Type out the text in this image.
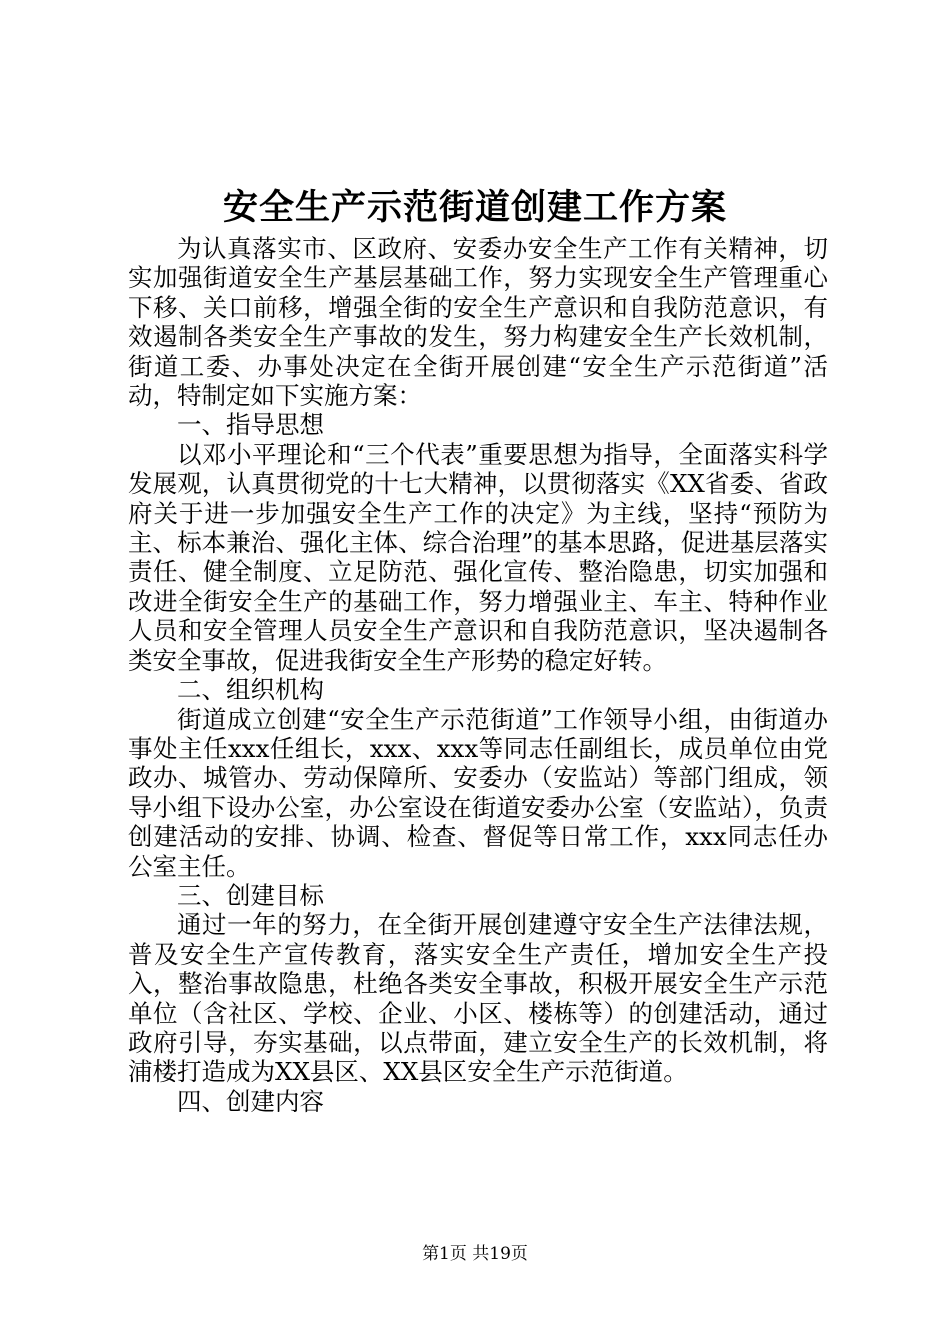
安全生产示范街道创建工作方案

为认真落实市、区政府、安委办安全生产工作有关精神，切实加强街道安全生产基层基础工作，努力实现安全生产管理重心下移、关口前移，增强全街的安全生产意识和自我防范意识，有效遏制各类安全生产事故的发生，努力构建安全生产长效机制，街道工委、办事处决定在全街开展创建“安全生产示范街道”活动，特制定如下实施方案：

一、指导思想

以邓小平理论和“三个代表”重要思想为指导，全面落实科学发展观，认真贯彻党的十七大精神，以贯彻落实《XX省委、省政府关于进一步加强安全生产工作的决定》为主线，坚持“预防为主、标本兼治、强化主体、综合治理”的基本思路，促进基层落实责任、健全制度、立足防范、强化宣传、整治隐患，切实加强和改进全街安全生产的基础工作，努力增强业主、车主、特种作业人员和安全管理人员安全生产意识和自我防范意识，坚决遏制各类安全事故，促进我街安全生产形势的稳定好转。

二、组织机构

街道成立创建“安全生产示范街道”工作领导小组，由街道办事处主任xxx任组长，xxx、xxx等同志任副组长，成员单位由党政办、城管办、劳动保障所、安委办（安监站）等部门组成，领导小组下设办公室，办公室设在街道安委办公室（安监站），负责创建活动的安排、协调、检查、督促等日常工作，xxx同志任办公室主任。

三、创建目标

通过一年的努力，在全街开展创建遵守安全生产法律法规，普及安全生产宣传教育，落实安全生产责任，增加安全生产投入，整治事故隐患，杜绝各类安全事故，积极开展安全生产示范单位（含社区、学校、企业、小区、楼栋等）的创建活动，通过政府引导，夯实基础，以点带面，建立安全生产的长效机制，将浦楼打造成为XX县区、XX县区安全生产示范街道。

四、创建内容

第1页 共19页
